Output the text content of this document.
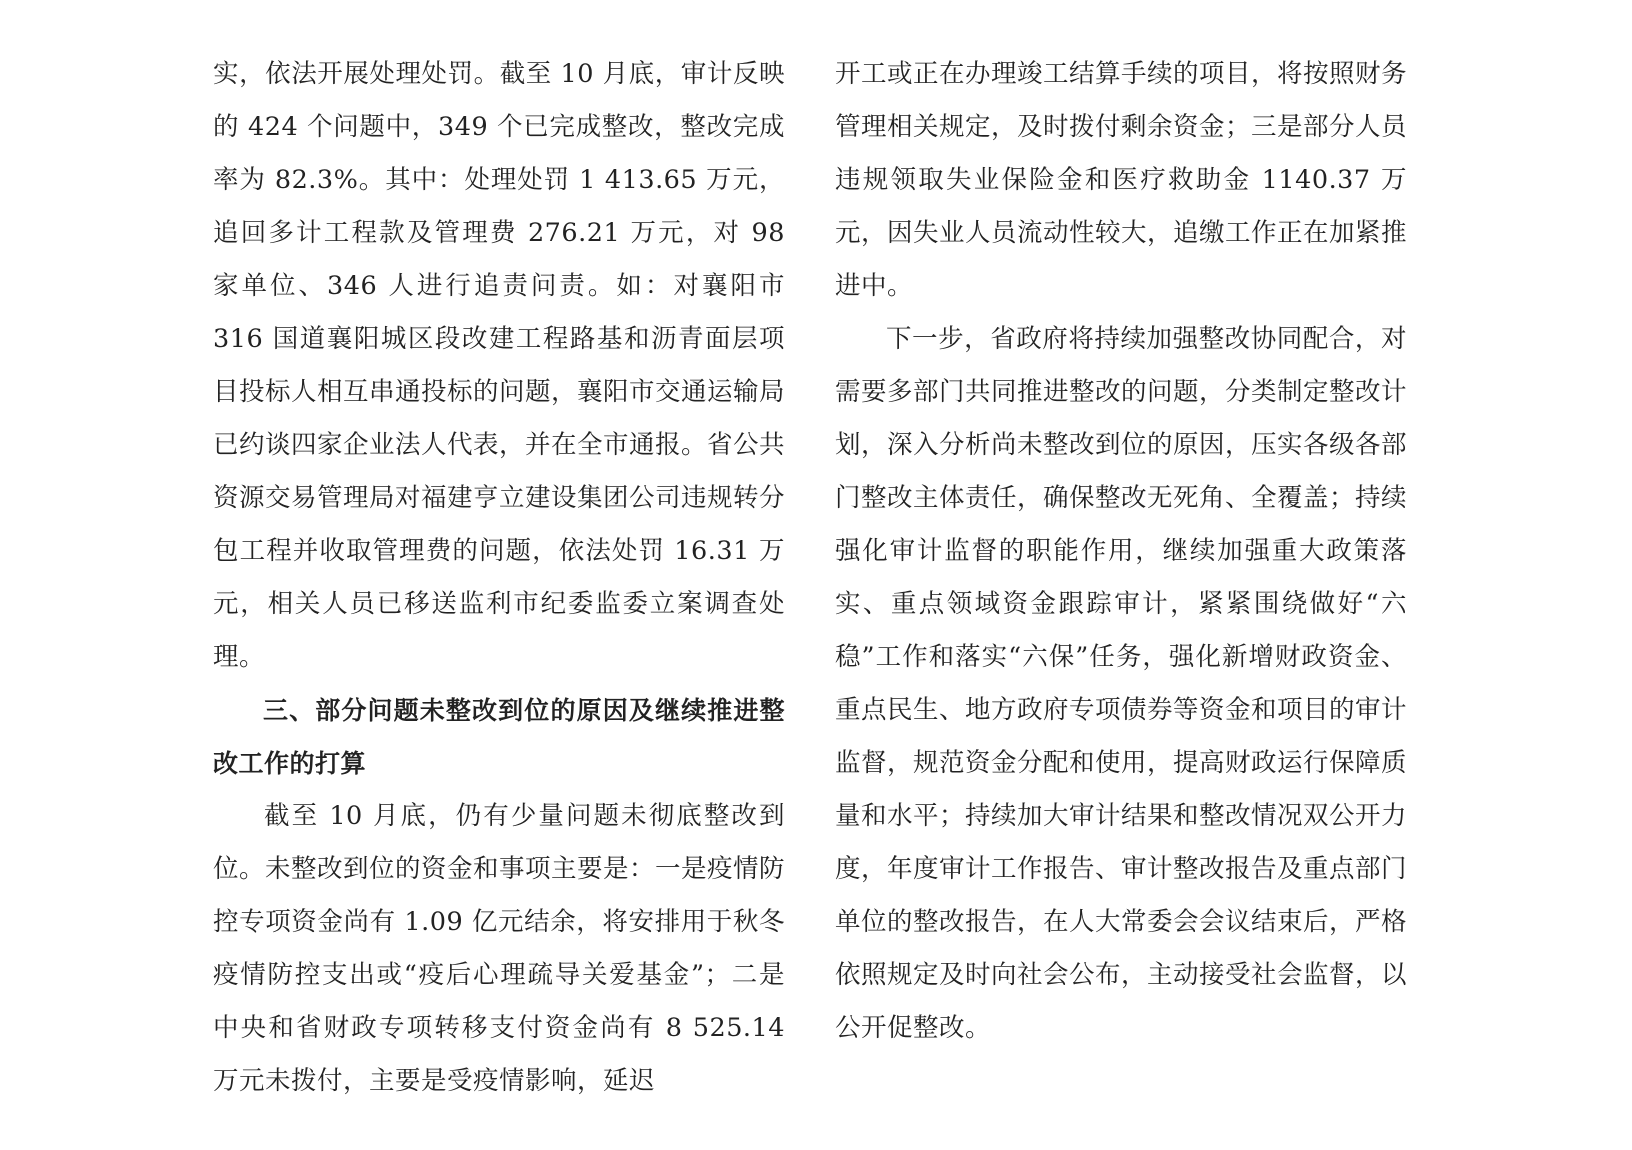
实，依法开展处理处罚。截至 10 月底，审计反映的 424 个问题中，349 个已完成整改，整改完成率为 82.3%。其中：处理处罚 1 413.65 万元，追回多计工程款及管理费 276.21 万元，对 98 家单位、346 人进行追责问责。如：对襄阳市 316 国道襄阳城区段改建工程路基和沥青面层项目投标人相互串通投标的问题，襄阳市交通运输局已约谈四家企业法人代表，并在全市通报。省公共资源交易管理局对福建亨立建设集团公司违规转分包工程并收取管理费的问题，依法处罚 16.31 万元，相关人员已移送监利市纪委监委立案调查处理。

三、部分问题未整改到位的原因及继续推进整改工作的打算

截至 10 月底，仍有少量问题未彻底整改到位。未整改到位的资金和事项主要是：一是疫情防控专项资金尚有 1.09 亿元结余，将安排用于秋冬疫情防控支出或“疫后心理疏导关爱基金”；二是中央和省财政专项转移支付资金尚有 8 525.14 万元未拨付，主要是受疫情影响，延迟

开工或正在办理竣工结算手续的项目，将按照财务管理相关规定，及时拨付剩余资金；三是部分人员违规领取失业保险金和医疗救助金 1140.37 万元，因失业人员流动性较大，追缴工作正在加紧推进中。

下一步，省政府将持续加强整改协同配合，对需要多部门共同推进整改的问题，分类制定整改计划，深入分析尚未整改到位的原因，压实各级各部门整改主体责任，确保整改无死角、全覆盖；持续强化审计监督的职能作用，继续加强重大政策落实、重点领域资金跟踪审计，紧紧围绕做好“六稳”工作和落实“六保”任务，强化新增财政资金、重点民生、地方政府专项债券等资金和项目的审计监督，规范资金分配和使用，提高财政运行保障质量和水平；持续加大审计结果和整改情况双公开力度，年度审计工作报告、审计整改报告及重点部门单位的整改报告，在人大常委会会议结束后，严格依照规定及时向社会公布，主动接受社会监督，以公开促整改。
